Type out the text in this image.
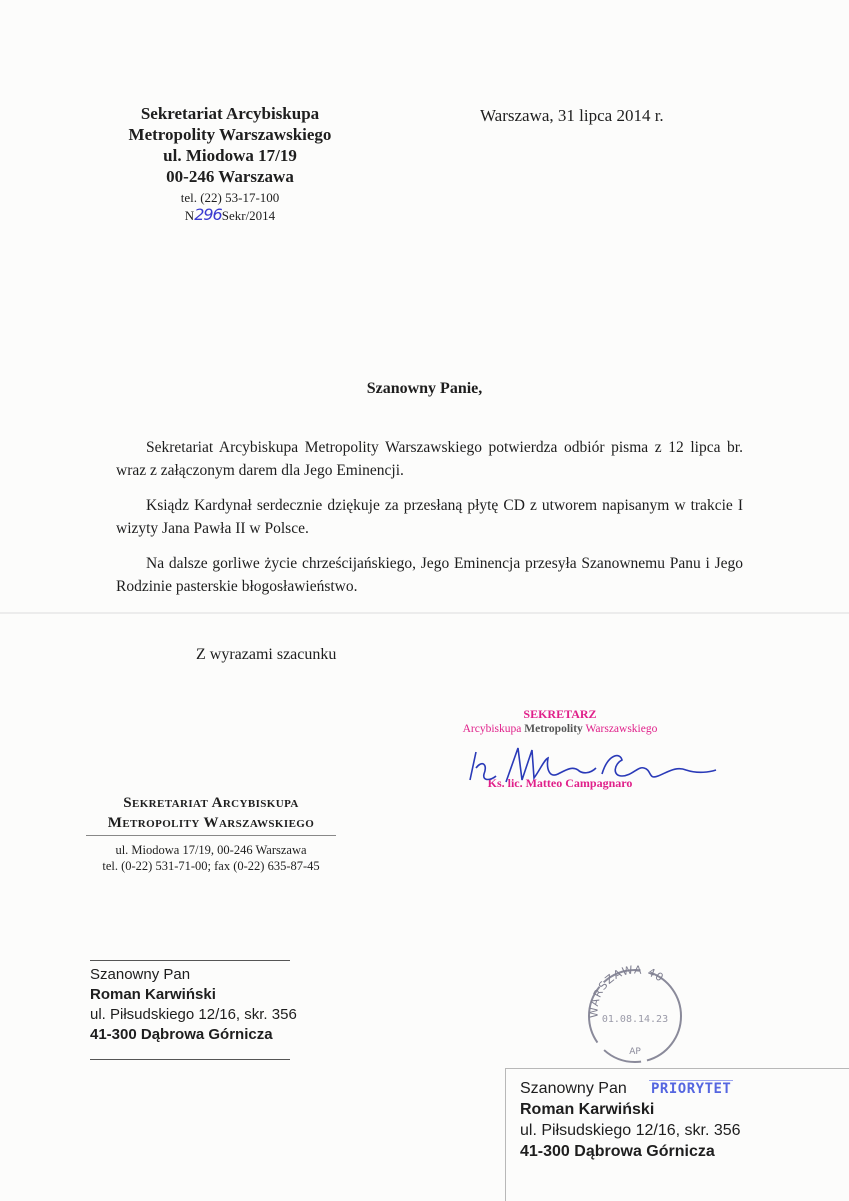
Sekretariat Arcybiskupa
Metropolity Warszawskiego
ul. Miodowa 17/19
00-246 Warszawa
tel. (22) 53-17-100
N296Sekr/2014
Warszawa, 31 lipca 2014 r.
Szanowny Panie,

Sekretariat Arcybiskupa Metropolity Warszawskiego potwierdza odbiór pisma z 12 lipca br. wraz z załączonym darem dla Jego Eminencji.

Ksiądz Kardynał serdecznie dziękuje za przesłaną płytę CD z utworem napisanym w trakcie I wizyty Jana Pawła II w Polsce.

Na dalsze gorliwe życie chrześcijańskiego, Jego Eminencja przesyła Szanownemu Panu i Jego Rodzinie pasterskie błogosławieństwo.

Z wyrazami szacunku
SEKRETARZ
Arcybiskupa Metropolity Warszawskiego
Ks. lic. Matteo Campagnaro
Sekretariat Arcybiskupa
Metropolity Warszawskiego
ul. Miodowa 17/19, 00-246 Warszawa
tel. (0-22) 531-71-00; fax (0-22) 635-87-45
Szanowny Pan
Roman Karwiński
ul. Piłsudskiego 12/16, skr. 356
41-300 Dąbrowa Górnicza
WARSZAWA 40
01.08.14.23
AP
Szanowny Pan
Roman Karwiński
ul. Piłsudskiego 12/16, skr. 356
41-300 Dąbrowa Górnicza
PRIORYTET
